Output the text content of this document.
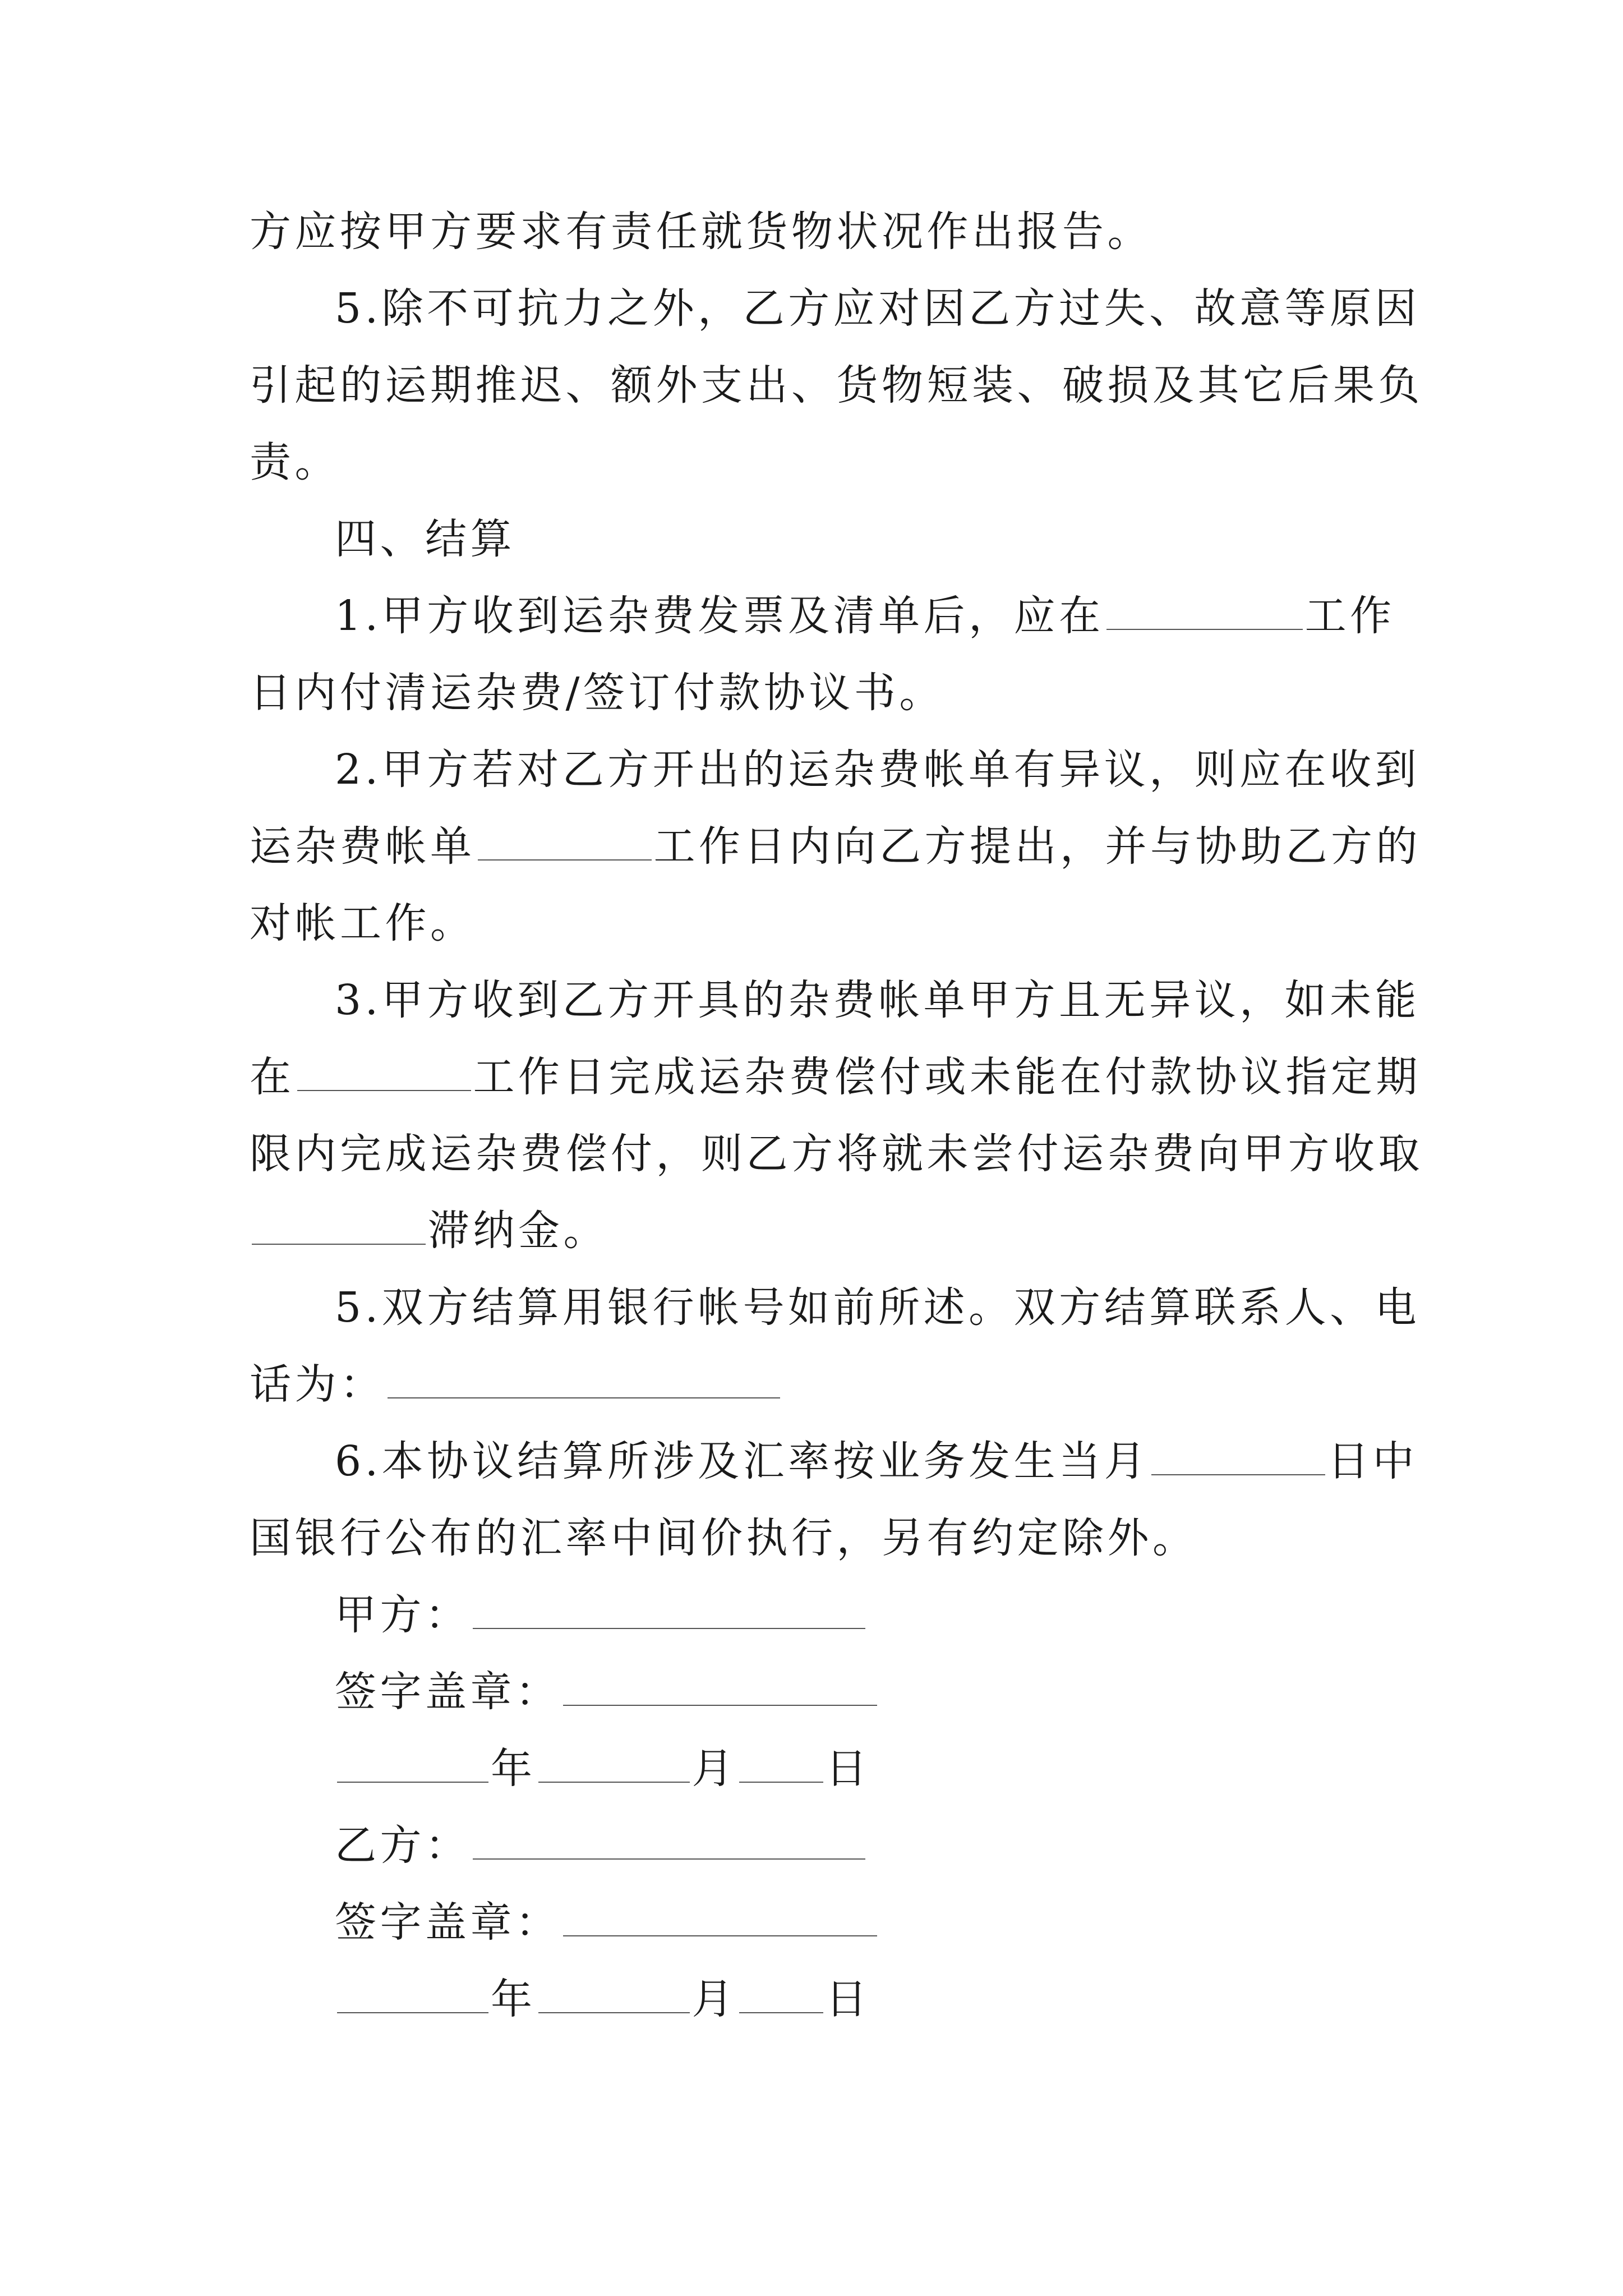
方应按甲方要求有责任就货物状况作出报告。
5.除不可抗力之外，乙方应对因乙方过失、故意等原因
引起的运期推迟、额外支出、货物短装、破损及其它后果负
责。
四、结算
1.甲方收到运杂费发票及清单后，应在	工作
日内付清运杂费/签订付款协议书。
2.甲方若对乙方开出的运杂费帐单有异议，则应在收到
运杂费帐单	工作日内向乙方提出，并与协助乙方的
对帐工作。
3.甲方收到乙方开具的杂费帐单甲方且无异议，如未能
在	工作日完成运杂费偿付或未能在付款协议指定期
限内完成运杂费偿付，则乙方将就未尝付运杂费向甲方收取
滞纳金。
5.双方结算用银行帐号如前所述。双方结算联系人、电
话为：
6.本协议结算所涉及汇率按业务发生当月	日中
国银行公布的汇率中间价执行，另有约定除外。
甲方：
签字盖章：
年	月 日
乙方：
签字盖章：
年	月 日
